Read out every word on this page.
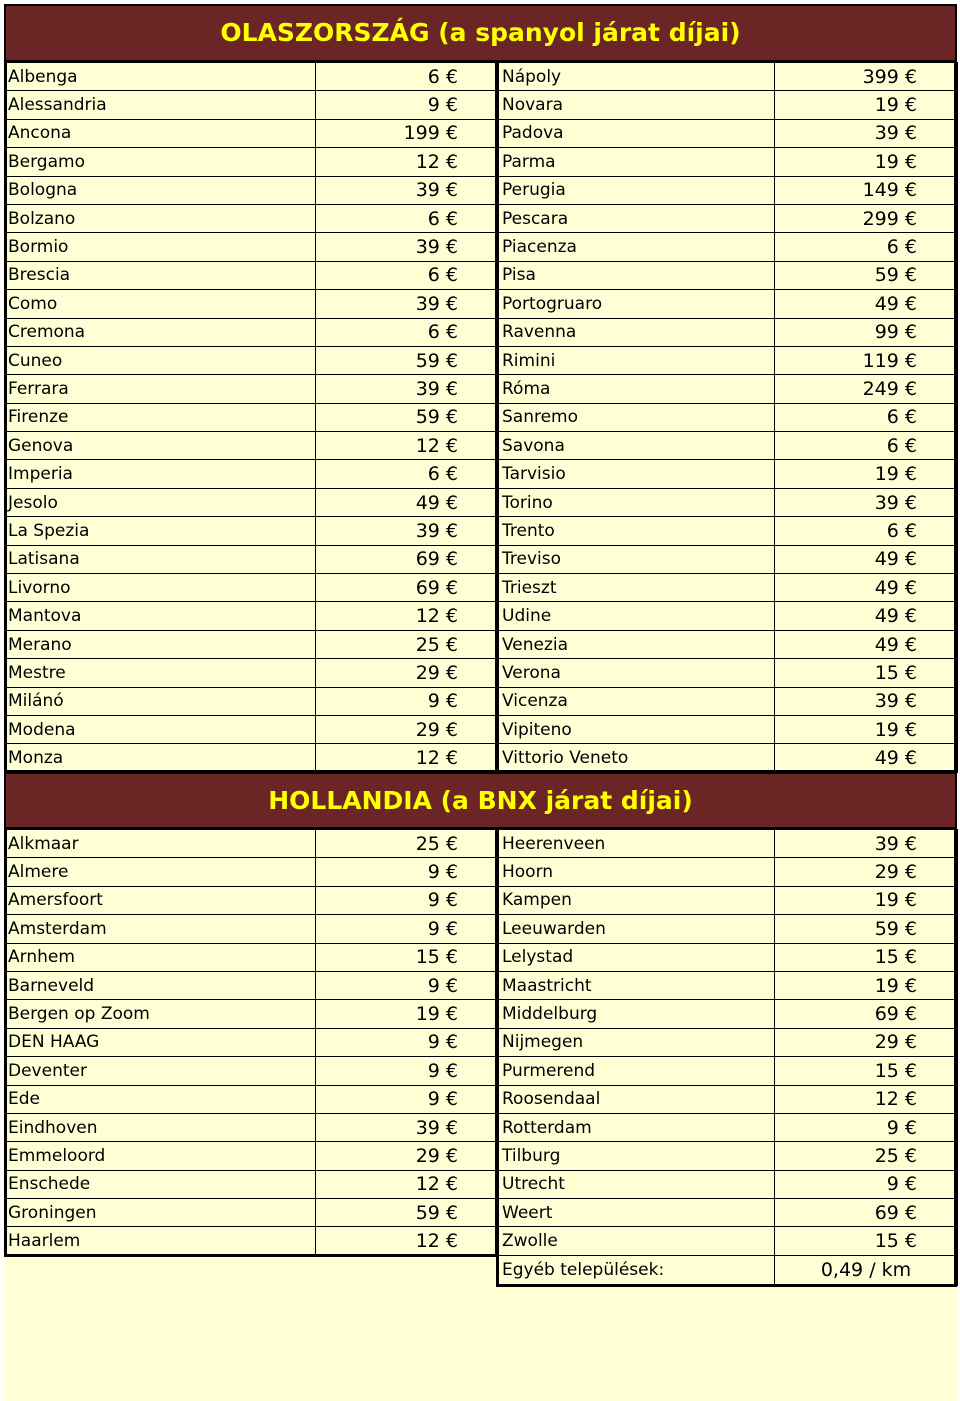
OLASZORSZÁG (a spanyol járat díjai)
Albenga	6 €
Alessandria	9 €
Ancona	199 €
Bergamo	12 €
Bologna	39 €
Bolzano	6 €
Bormio	39 €
Brescia	6 €
Como	39 €
Cremona	6 €
Cuneo	59 €
Ferrara	39 €
Firenze	59 €
Genova	12 €
Imperia	6 €
Jesolo	49 €
La Spezia	39 €
Latisana	69 €
Livorno	69 €
Mantova	12 €
Merano	25 €
Mestre	29 €
Milánó	9 €
Modena	29 €
Monza	12 €
Nápoly	399 €
Novara	19 €
Padova	39 €
Parma	19 €
Perugia	149 €
Pescara	299 €
Piacenza	6 €
Pisa	59 €
Portogruaro	49 €
Ravenna	99 €
Rimini	119 €
Róma	249 €
Sanremo	6 €
Savona	6 €
Tarvisio	19 €
Torino	39 €
Trento	6 €
Treviso	49 €
Trieszt	49 €
Udine	49 €
Venezia	49 €
Verona	15 €
Vicenza	39 €
Vipiteno	19 €
Vittorio Veneto	49 €
HOLLANDIA (a BNX járat díjai)
Alkmaar	25 €
Almere	9 €
Amersfoort	9 €
Amsterdam	9 €
Arnhem	15 €
Barneveld	9 €
Bergen op Zoom	19 €
DEN HAAG	9 €
Deventer	9 €
Ede	9 €
Eindhoven	39 €
Emmeloord	29 €
Enschede	12 €
Groningen	59 €
Haarlem	12 €
Heerenveen	39 €
Hoorn	29 €
Kampen	19 €
Leeuwarden	59 €
Lelystad	15 €
Maastricht	19 €
Middelburg	69 €
Nijmegen	29 €
Purmerend	15 €
Roosendaal	12 €
Rotterdam	9 €
Tilburg	25 €
Utrecht	9 €
Weert	69 €
Zwolle	15 €
Egyéb települések:	0,49 / km
